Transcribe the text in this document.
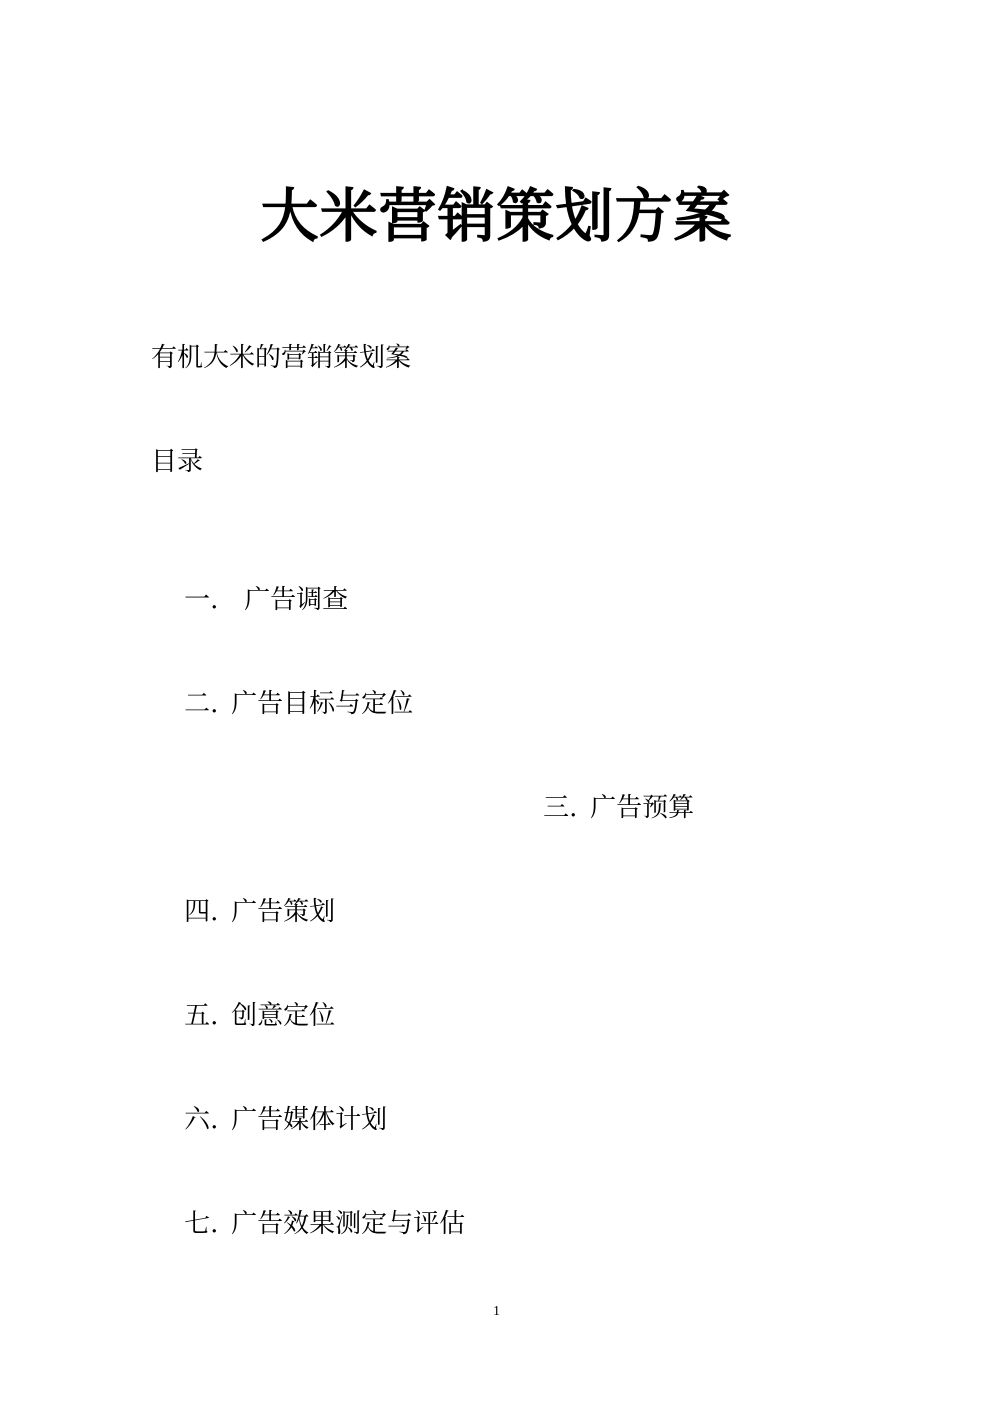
大米营销策划方案
有机大米的营销策划案
目录

一. 广告调查

二. 广告目标与定位

三. 广告预算

四. 广告策划

五. 创意定位

六. 广告媒体计划

七. 广告效果测定与评估

1
